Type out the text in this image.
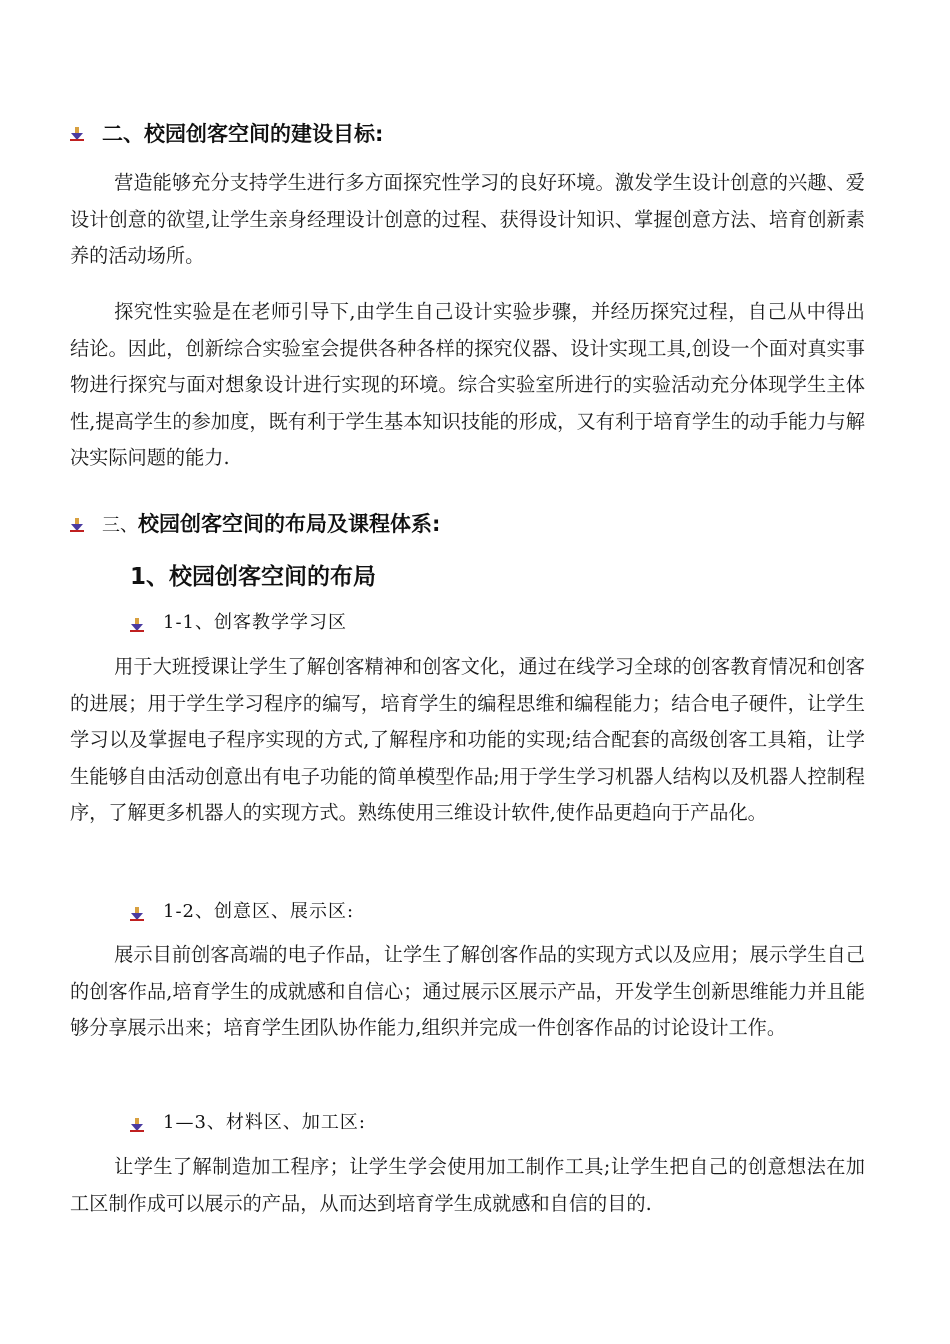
二、校园创客空间的建设目标:
营造能够充分支持学生进行多方面探究性学习的良好环境。激发学生设计创意的兴趣、爱设计创意的欲望,让学生亲身经理设计创意的过程、获得设计知识、掌握创意方法、培育创新素养的活动场所。
探究性实验是在老师引导下,由学生自己设计实验步骤，并经历探究过程，自己从中得出结论。因此，创新综合实验室会提供各种各样的探究仪器、设计实现工具,创设一个面对真实事物进行探究与面对想象设计进行实现的环境。综合实验室所进行的实验活动充分体现学生主体性,提高学生的参加度，既有利于学生基本知识技能的形成，又有利于培育学生的动手能力与解决实际问题的能力.
三、校园创客空间的布局及课程体系:
1、校园创客空间的布局
1-1、创客教学学习区
用于大班授课让学生了解创客精神和创客文化，通过在线学习全球的创客教育情况和创客的进展；用于学生学习程序的编写，培育学生的编程思维和编程能力；结合电子硬件，让学生学习以及掌握电子程序实现的方式,了解程序和功能的实现;结合配套的高级创客工具箱，让学生能够自由活动创意出有电子功能的简单模型作品;用于学生学习机器人结构以及机器人控制程序，了解更多机器人的实现方式。熟练使用三维设计软件,使作品更趋向于产品化。
1-2、创意区、展示区:
展示目前创客高端的电子作品，让学生了解创客作品的实现方式以及应用；展示学生自己的创客作品,培育学生的成就感和自信心；通过展示区展示产品，开发学生创新思维能力并且能够分享展示出来；培育学生团队协作能力,组织并完成一件创客作品的讨论设计工作。
1—3、材料区、加工区:
让学生了解制造加工程序；让学生学会使用加工制作工具;让学生把自己的创意想法在加工区制作成可以展示的产品，从而达到培育学生成就感和自信的目的.
